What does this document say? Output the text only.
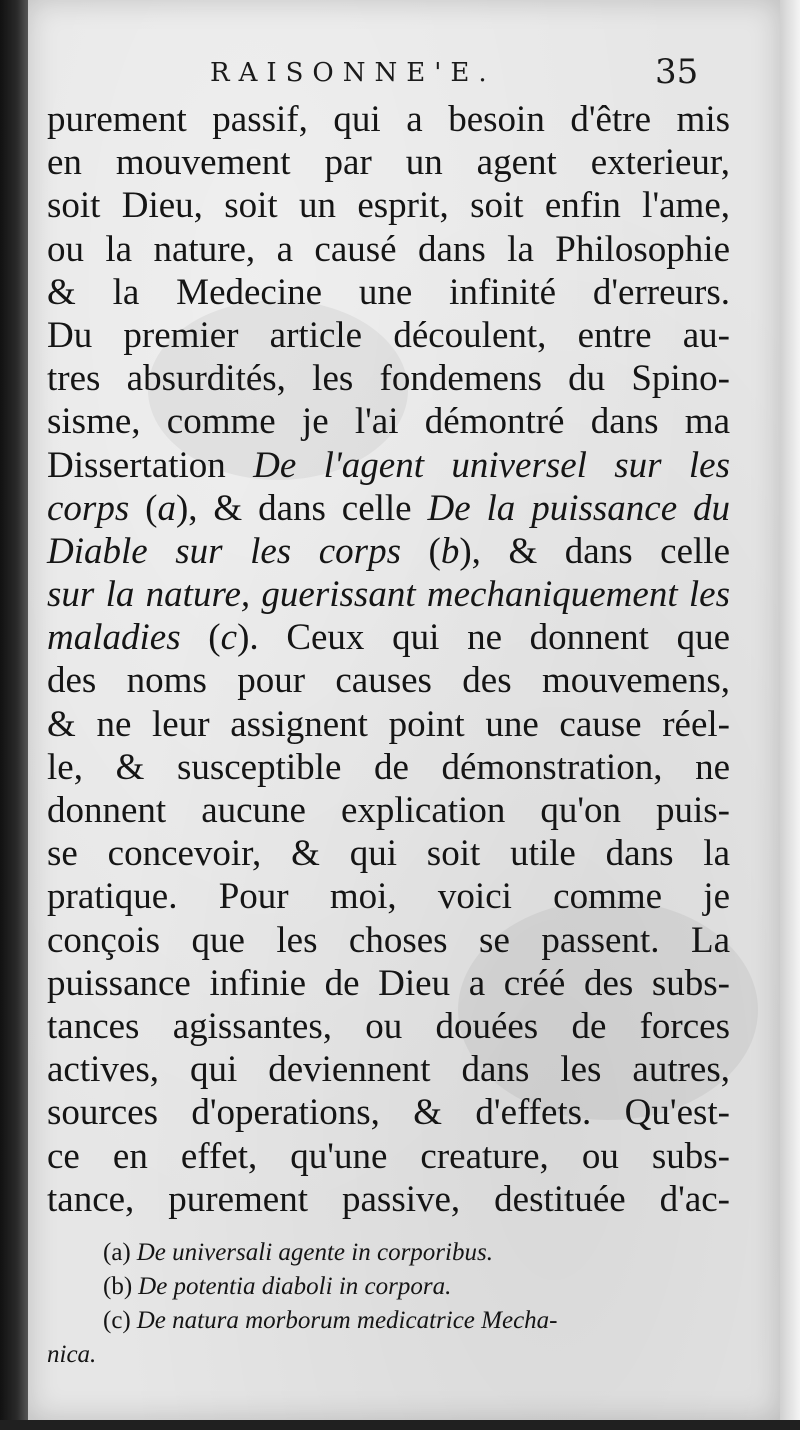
RAISONNE'E.	35
purement passif, qui a besoin d'être mis
en mouvement par un agent exterieur,
soit Dieu, soit un esprit, soit enfin l'ame,
ou la nature, a causé dans la Philosophie
& la Medecine une infinité d'erreurs.
Du premier article découlent, entre au-
tres absurdités, les fondemens du Spino-
sisme, comme je l'ai démontré dans ma
Dissertation De l'agent universel sur les
corps (a), & dans celle De la puissance du
Diable sur les corps (b), & dans celle
sur la nature, guerissant mechaniquement les
maladies (c). Ceux qui ne donnent que
des noms pour causes des mouvemens,
& ne leur assignent point une cause réel-
le, & susceptible de démonstration, ne
donnent aucune explication qu'on puis-
se concevoir, & qui soit utile dans la
pratique. Pour moi, voici comme je
conçois que les choses se passent. La
puissance infinie de Dieu a créé des subs-
tances agissantes, ou douées de forces
actives, qui deviennent dans les autres,
sources d'operations, & d'effets. Qu'est-
ce en effet, qu'une creature, ou subs-
tance, purement passive, destituée d'ac-
(a) De universali agente in corporibus.
(b) De potentia diaboli in corpora.
(c) De natura morborum medicatrice Mecha-
nica.
